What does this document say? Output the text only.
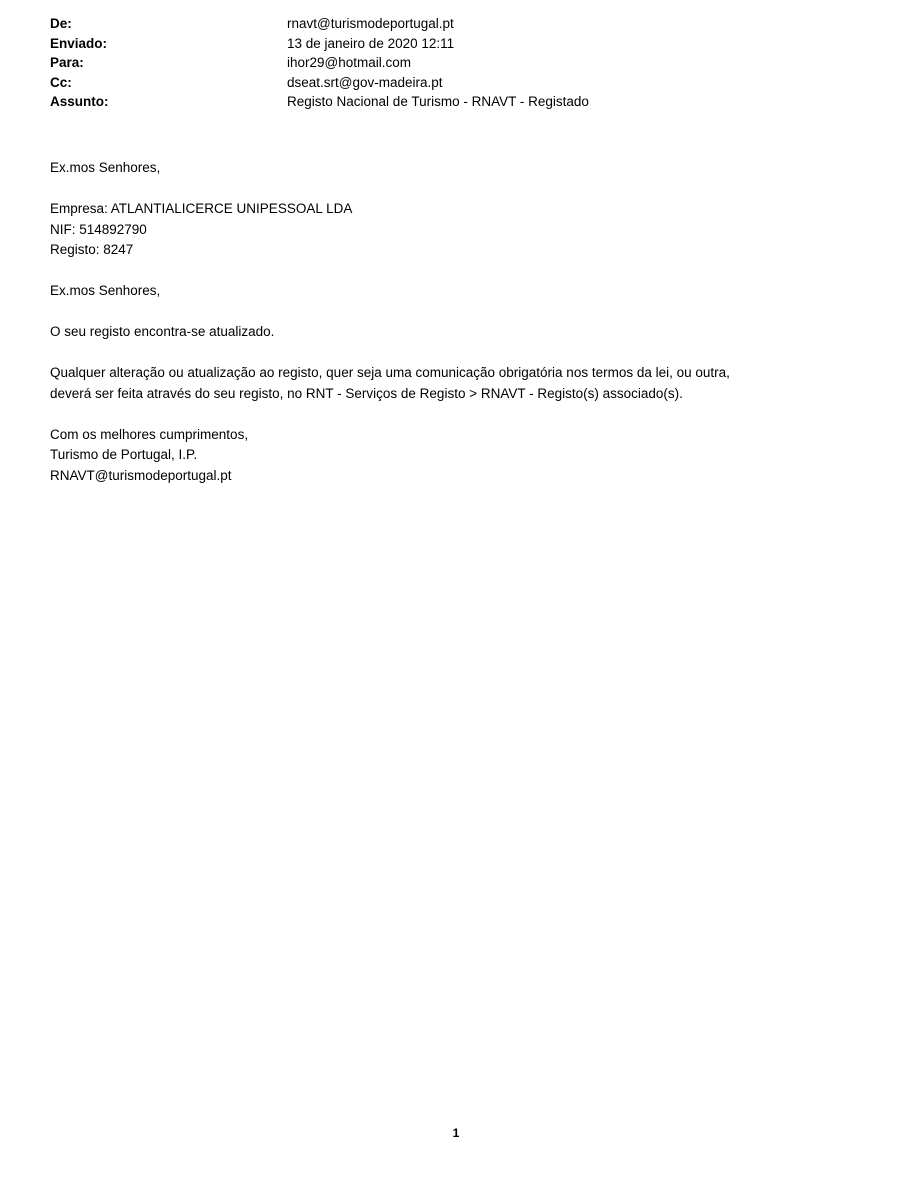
De:	rnavt@turismodeportugal.pt
Enviado:	13 de janeiro de 2020 12:11
Para:	ihor29@hotmail.com
Cc:	dseat.srt@gov-madeira.pt
Assunto:	Registo Nacional de Turismo - RNAVT - Registado

Ex.mos Senhores,

Empresa: ATLANTIALICERCE UNIPESSOAL LDA
NIF: 514892790
Registo: 8247

Ex.mos Senhores,

O seu registo encontra-se atualizado.

Qualquer alteração ou atualização ao registo, quer seja uma comunicação obrigatória nos termos da lei, ou outra,
deverá ser feita através do seu registo, no RNT - Serviços de Registo > RNAVT - Registo(s) associado(s).

Com os melhores cumprimentos,
Turismo de Portugal, I.P.
RNAVT@turismodeportugal.pt

1
